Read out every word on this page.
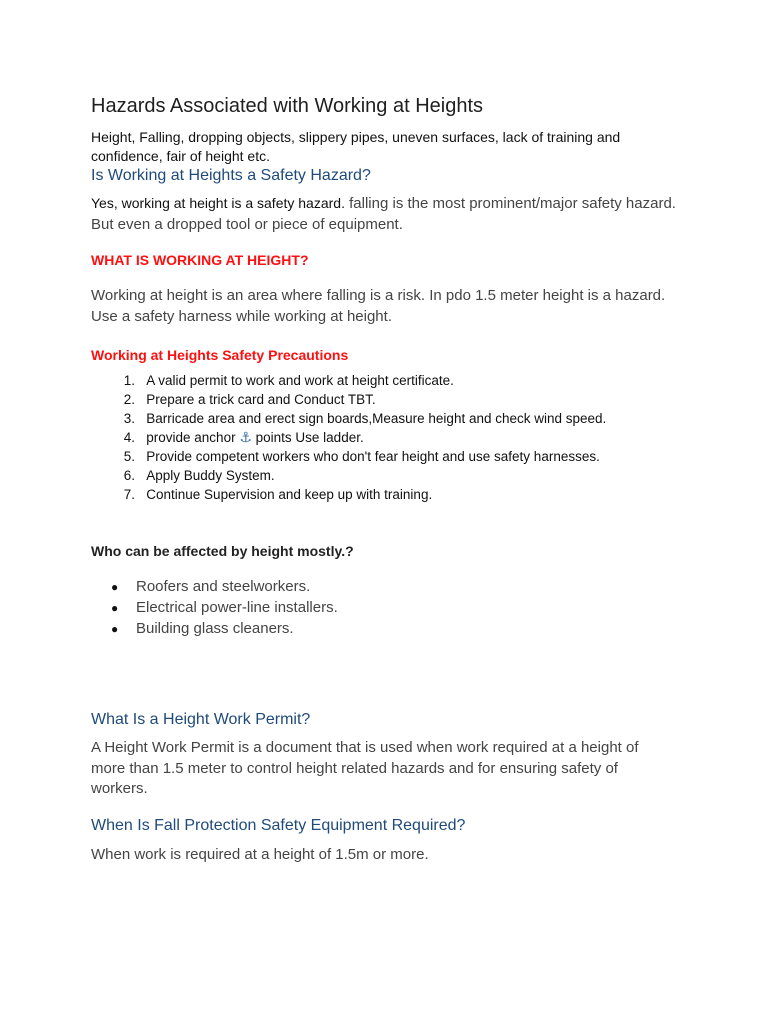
Hazards Associated with Working at Heights

Height, Falling, dropping objects, slippery pipes, uneven surfaces, lack of training and
confidence, fair of height etc.

Is Working at Heights a Safety Hazard?

Yes, working at height is a safety hazard. falling is the most prominent/major safety hazard.
But even a dropped tool or piece of equipment.

WHAT IS WORKING AT HEIGHT?

Working at height is an area where falling is a risk. In pdo 1.5 meter height is a hazard.
Use a safety harness while working at height.

Working at Heights Safety Precautions
1. A valid permit to work and work at height certificate.
2. Prepare a trick card and Conduct TBT.
3. Barricade area and erect sign boards,Measure height and check wind speed.
4. provide anchor ⚓ points Use ladder.
5. Provide competent workers who don't fear height and use safety harnesses.
6. Apply Buddy System.
7. Continue Supervision and keep up with training.
Who can be affected by height mostly.?
● Roofers and steelworkers.
● Electrical power-line installers.
● Building glass cleaners.
What Is a Height Work Permit?

A Height Work Permit is a document that is used when work required at a height of
more than 1.5 meter to control height related hazards and for ensuring safety of
workers.

When Is Fall Protection Safety Equipment Required?

When work is required at a height of 1.5m or more.
